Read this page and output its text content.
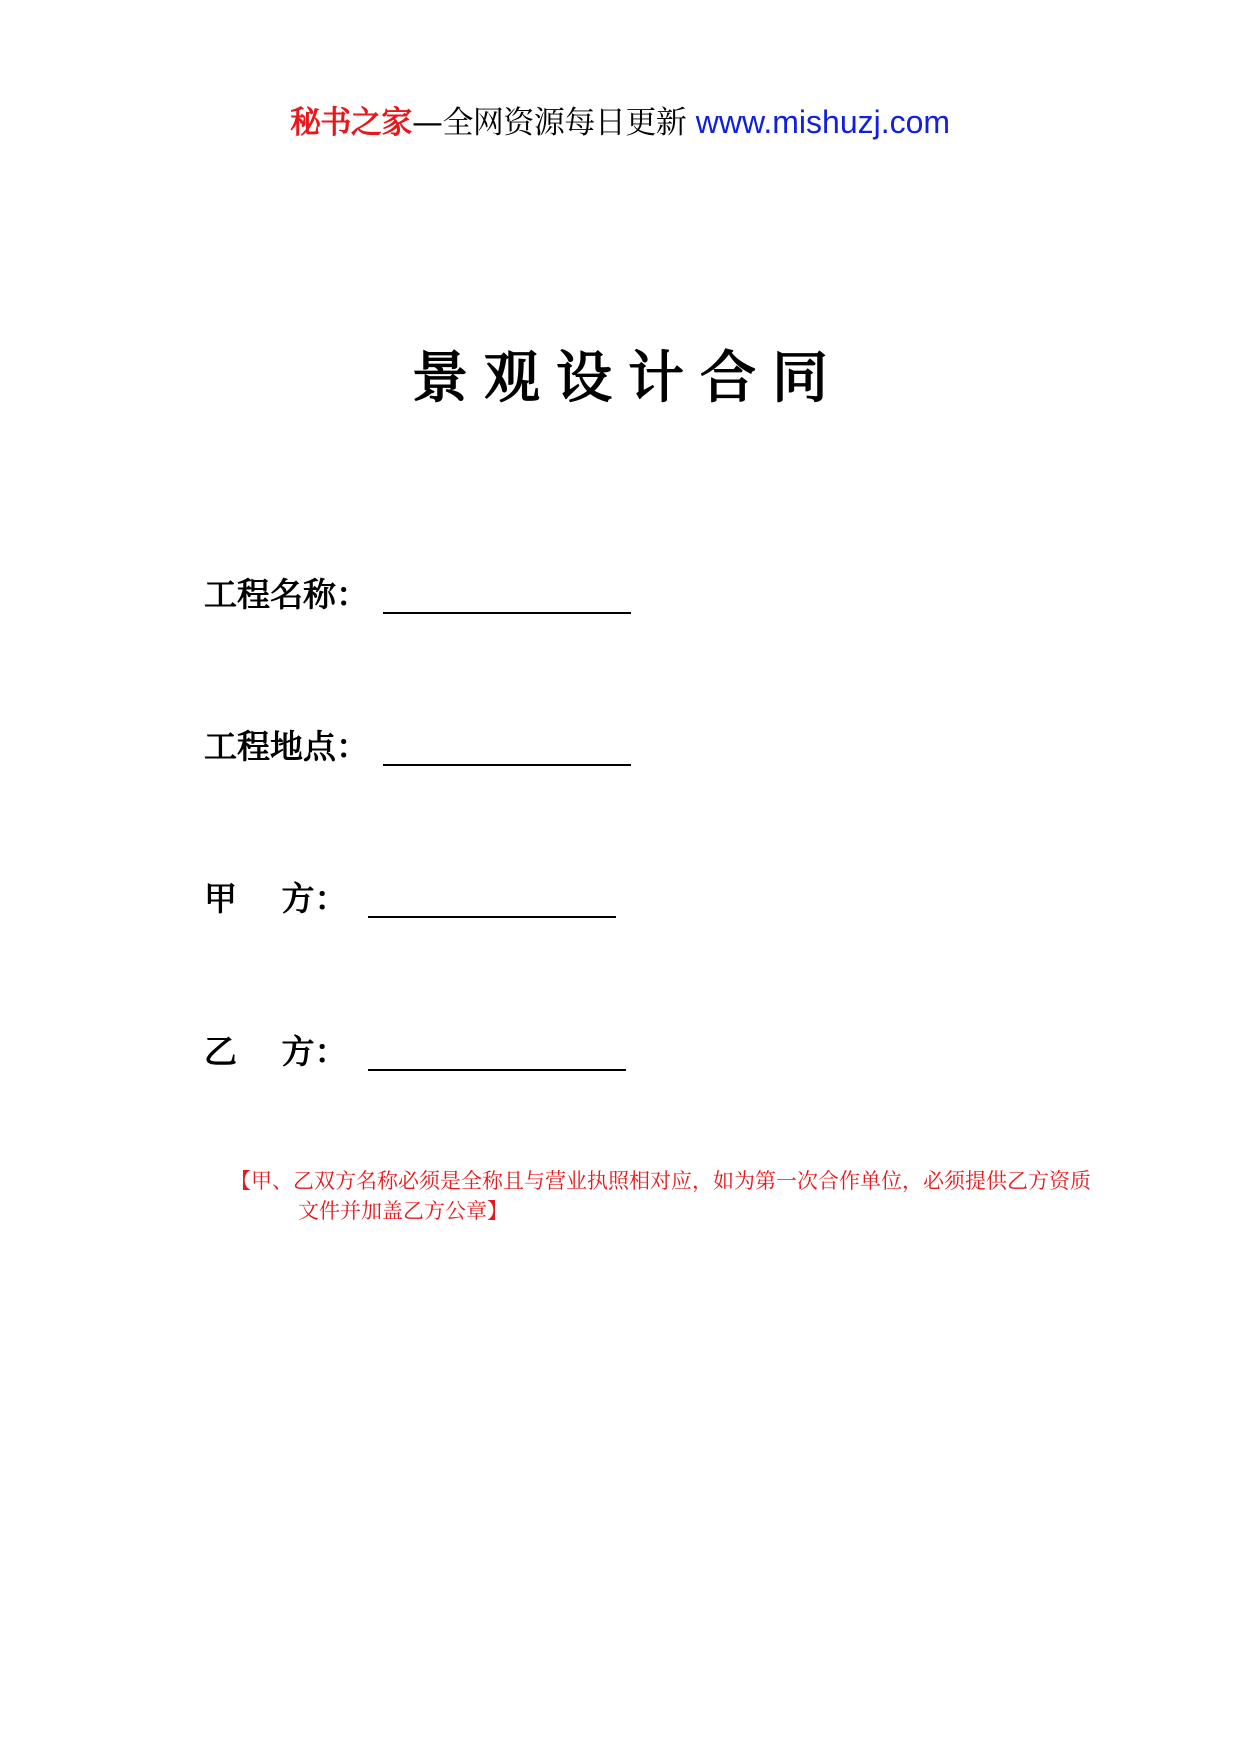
秘书之家—全网资源每日更新 www.mishuzj.com
景观设计合同
工程名称：
工程地点：
甲　 方：
乙　 方：
【甲、乙双方名称必须是全称且与营业执照相对应，如为第一次合作单位，必须提供乙方资质
文件并加盖乙方公章】
